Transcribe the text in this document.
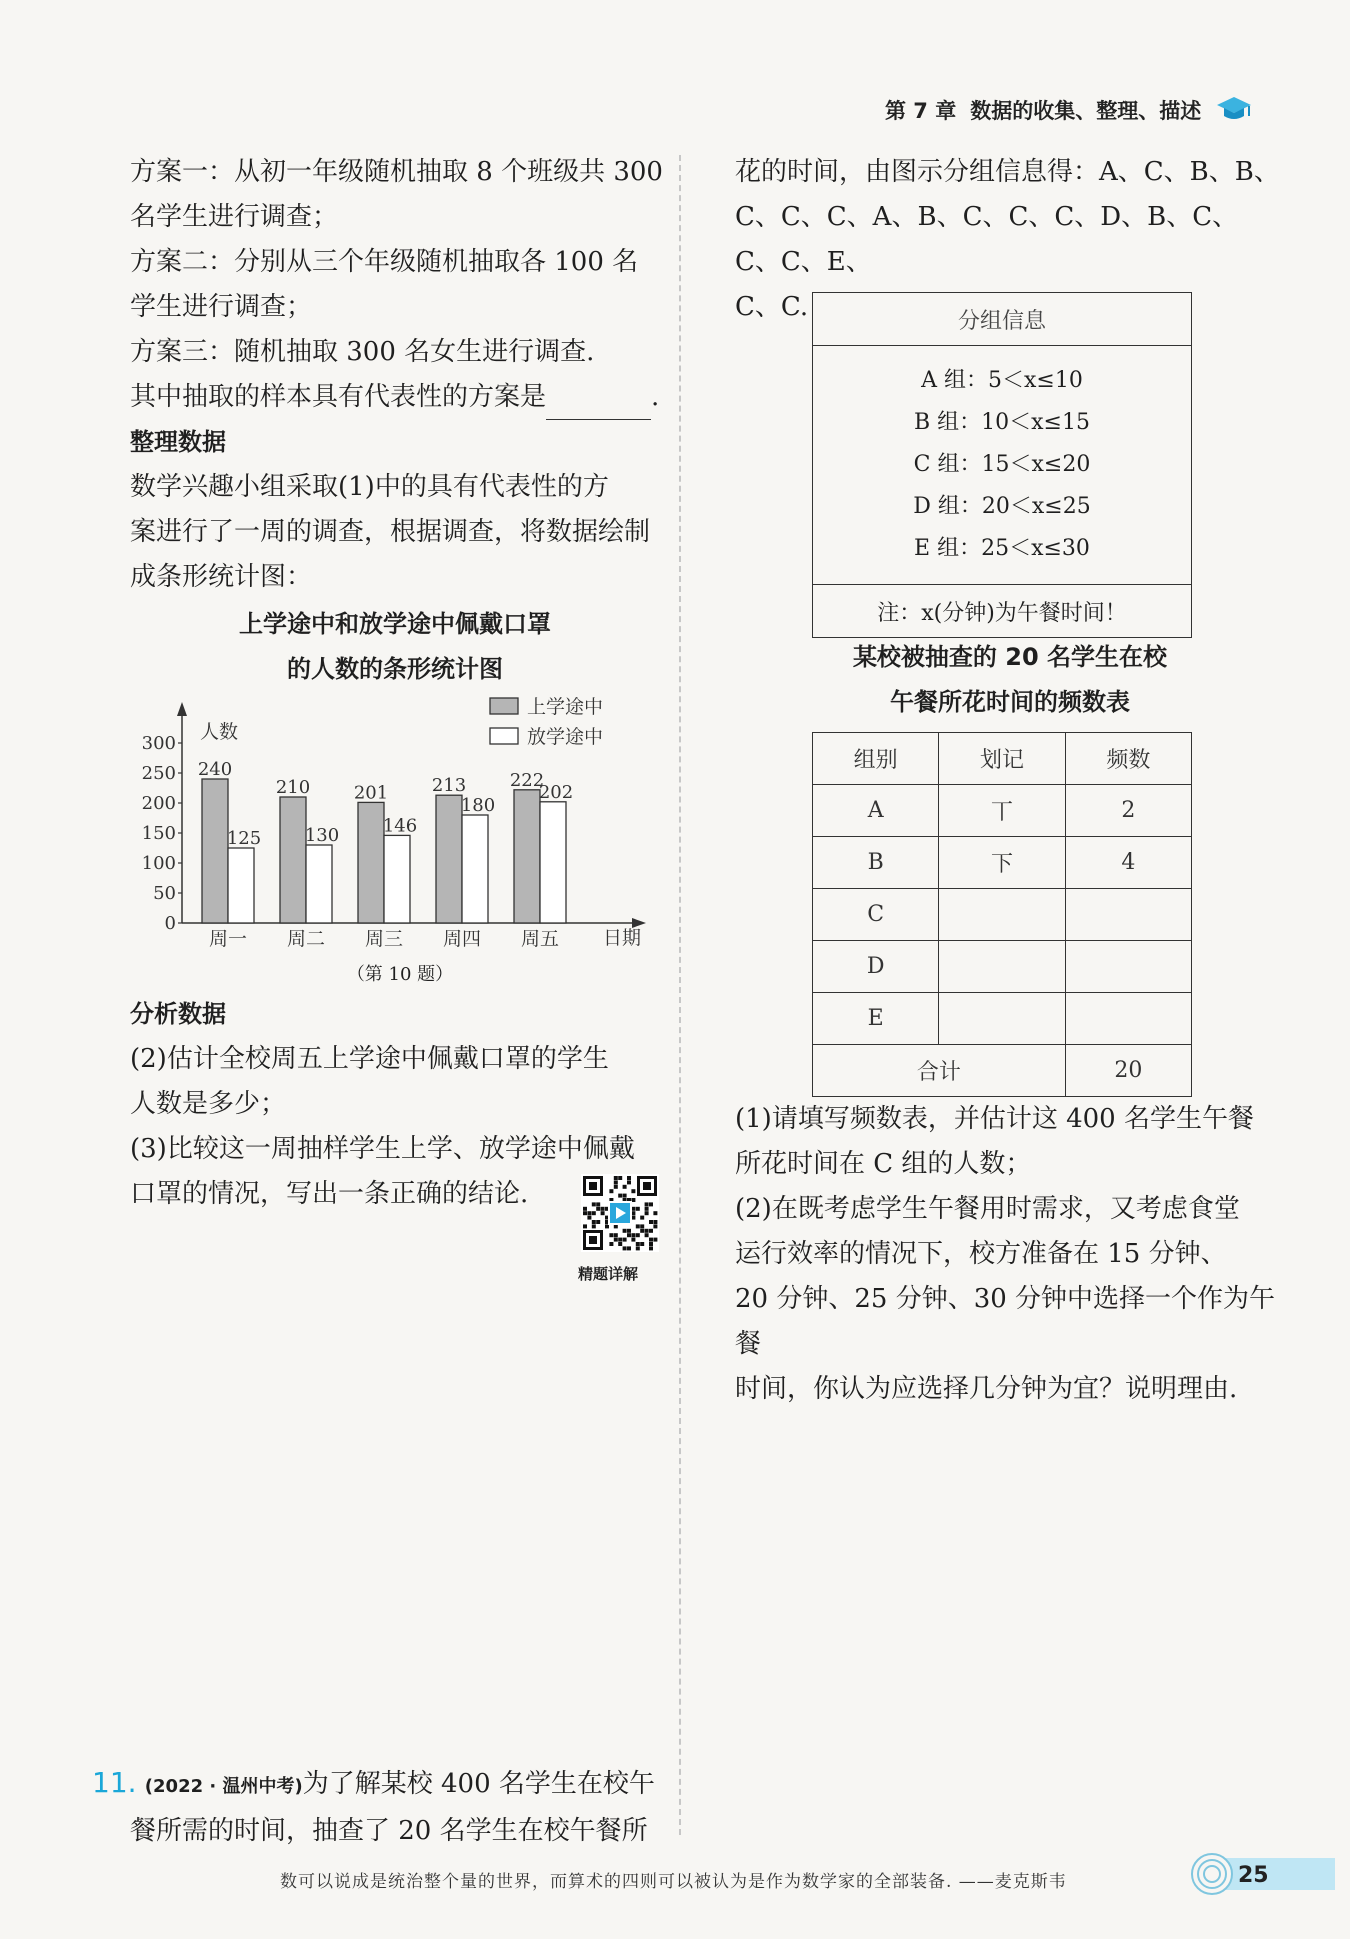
第 7 章 数据的收集、整理、描述
方案一：从初一年级随机抽取 8 个班级共 300
名学生进行调查；
方案二：分别从三个年级随机抽取各 100 名
学生进行调查；
方案三：随机抽取 300 名女生进行调查.
其中抽取的样本具有代表性的方案是	.
整理数据
数学兴趣小组采取(1)中的具有代表性的方
案进行了一周的调查，根据调查，将数据绘制
成条形统计图：
上学途中和放学途中佩戴口罩
的人数的条形统计图
人数
日期
0
50
100
150
200
250
300
240
125
周一
210
130
周二
201
146
周三
213
180
周四
222
202
周五
上学途中
放学途中
（第 10 题）
分析数据
(2)估计全校周五上学途中佩戴口罩的学生
人数是多少；
(3)比较这一周抽样学生上学、放学途中佩戴
口罩的情况，写出一条正确的结论.
精题详解
11. (2022 · 温州中考)为了解某校 400 名学生在校午
餐所需的时间，抽查了 20 名学生在校午餐所
花的时间，由图示分组信息得：A、C、B、B、
C、C、C、A、B、C、C、C、D、B、C、C、C、E、
C、C.	分组信息

A 组：5＜x≤10
B 组：10＜x≤15
C 组：15＜x≤20
D 组：20＜x≤25
E 组：25＜x≤30

注：x(分钟)为午餐时间！
某校被抽查的 20 名学生在校
午餐所花时间的频数表
组别	划记	频数
A	丅	2
B	下	4
C		
D		
E		
合计		20
(1)请填写频数表，并估计这 400 名学生午餐
所花时间在 C 组的人数；
(2)在既考虑学生午餐用时需求，又考虑食堂
运行效率的情况下，校方准备在 15 分钟、
20 分钟、25 分钟、30 分钟中选择一个作为午餐
时间，你认为应选择几分钟为宜？说明理由.
数可以说成是统治整个量的世界，而算术的四则可以被认为是作为数学家的全部装备. ——麦克斯韦	25
